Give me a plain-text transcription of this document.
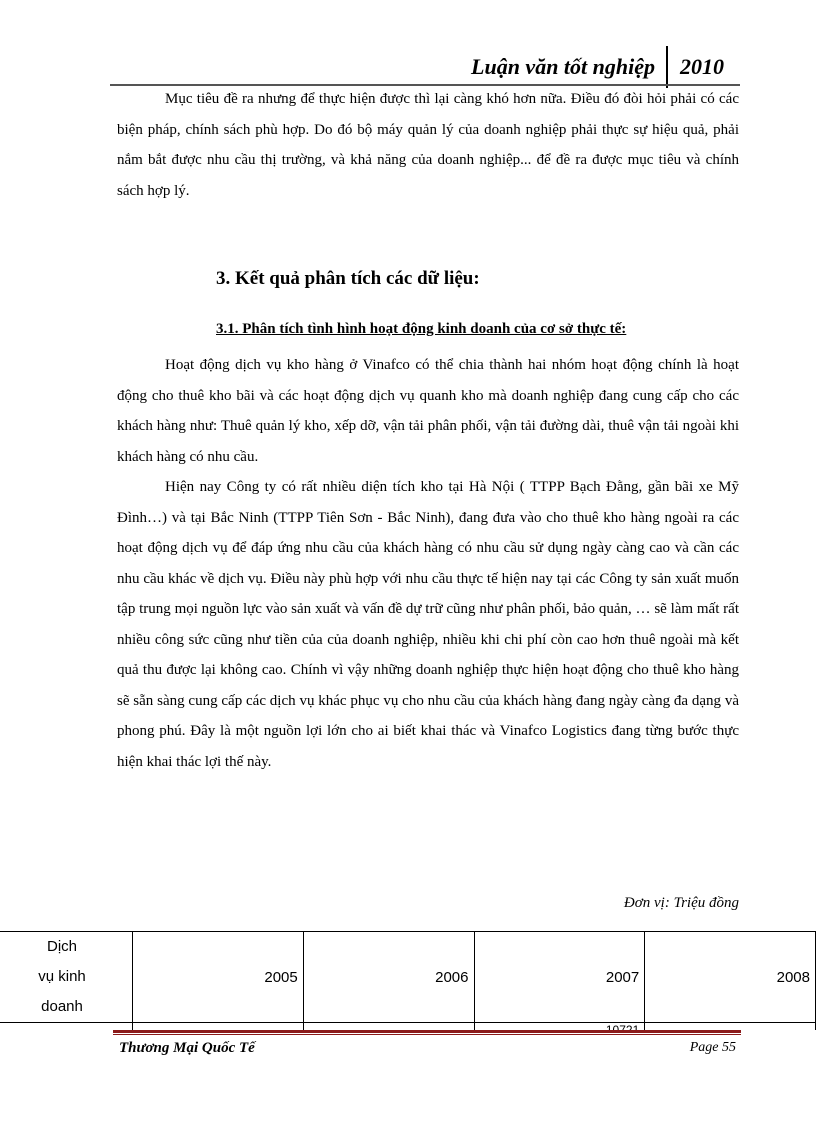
Luận văn tốt nghiệp 2010

Mục tiêu đề ra nhưng để thực hiện được thì lại càng khó hơn nữa. Điều đó đòi hỏi phải có các biện pháp, chính sách phù hợp. Do đó bộ máy quản lý của doanh nghiệp phải thực sự hiệu quả, phải nắm bắt được nhu cầu thị trường, và khả năng của doanh nghiệp... để đề ra được mục tiêu và chính sách hợp lý.

3. Kết quả phân tích các dữ liệu:
3.1. Phân tích tình hình hoạt động kinh doanh của cơ sở thực tế:

Hoạt động dịch vụ kho hàng ở Vinafco có thể chia thành hai nhóm hoạt động chính là hoạt động cho thuê kho bãi và các hoạt động dịch vụ quanh kho mà doanh nghiệp đang cung cấp cho các khách hàng như: Thuê quản lý kho, xếp dỡ, vận tải phân phối, vận tải đường dài, thuê vận tải ngoài khi khách hàng có nhu cầu.

Hiện nay Công ty có rất nhiều diện tích kho tại Hà Nội ( TTPP Bạch Đằng, gần bãi xe Mỹ Đình…) và tại Bắc Ninh (TTPP Tiên Sơn - Bắc Ninh), đang đưa vào cho thuê kho hàng ngoài ra các hoạt động dịch vụ để đáp ứng nhu cầu của khách hàng có nhu cầu sử dụng ngày càng cao và cần các nhu cầu khác về dịch vụ. Điều này phù hợp với nhu cầu thực tế hiện nay tại các Công ty sản xuất muốn tập trung mọi nguồn lực vào sản xuất và vấn đề dự trữ cũng như phân phối, bảo quản, … sẽ làm mất rất nhiều công sức cũng như tiền của của doanh nghiệp, nhiều khi chi phí còn cao hơn thuê ngoài mà kết quả thu được lại không cao. Chính vì vậy những doanh nghiệp thực hiện hoạt động cho thuê kho hàng sẽ sẵn sàng cung cấp các dịch vụ khác phục vụ cho nhu cầu của khách hàng đang ngày càng đa dạng và phong phú. Đây là một nguồn lợi lớn cho ai biết khai thác và Vinafco Logistics đang từng bước thực hiện khai thác lợi thế này.

Đơn vị: Triệu đồng
Dịch
vụ kinh
doanh	2005	2006	2007	2008

Thương Mại Quốc Tế	Page 55
